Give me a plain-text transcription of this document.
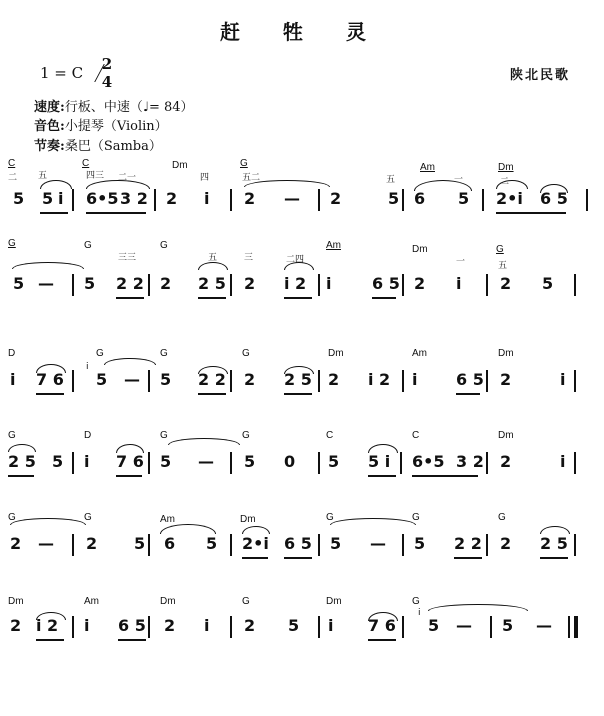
赶 牲 灵
陕北民歌
1 = C	2
4
速度:行板、中速（♩= 84）
音色:小提琴（Violin）
节奏:桑巴（Samba）
C	C	Dm	G	Am	Dm
二 五	四三 二一	四	五二	五	一	二
5 5 i 6•5 3 2 2 i 2 — 2	5 6 5 2•i 6 5
G	G	G	Am	Dm	G
三三	五	三	二四	一	五
5 — 5 2 2 2 2 5 2 i 2 i	6 5 2 i 2 5
D	G	G	G	Dm	Am	Dm
i
i 7 6 5 — 5 2 2 2 2 5 2 i 2 i 6 5 2	i
G	D	G	G	C	C	Dm
2 5 5 i 7 6 5 — 5 0 5 5 i 6•5 3 2 2	i
G	G	Am	Dm	G	G	G
2 — 2 5 6 5 2•i 6 5 5 — 5 2 2 2 2 5
Dm	Am	Dm	G	Dm	G
i
2 i 2 i 6 5 2 i 2 5 i 7 6 5 — 5 —
